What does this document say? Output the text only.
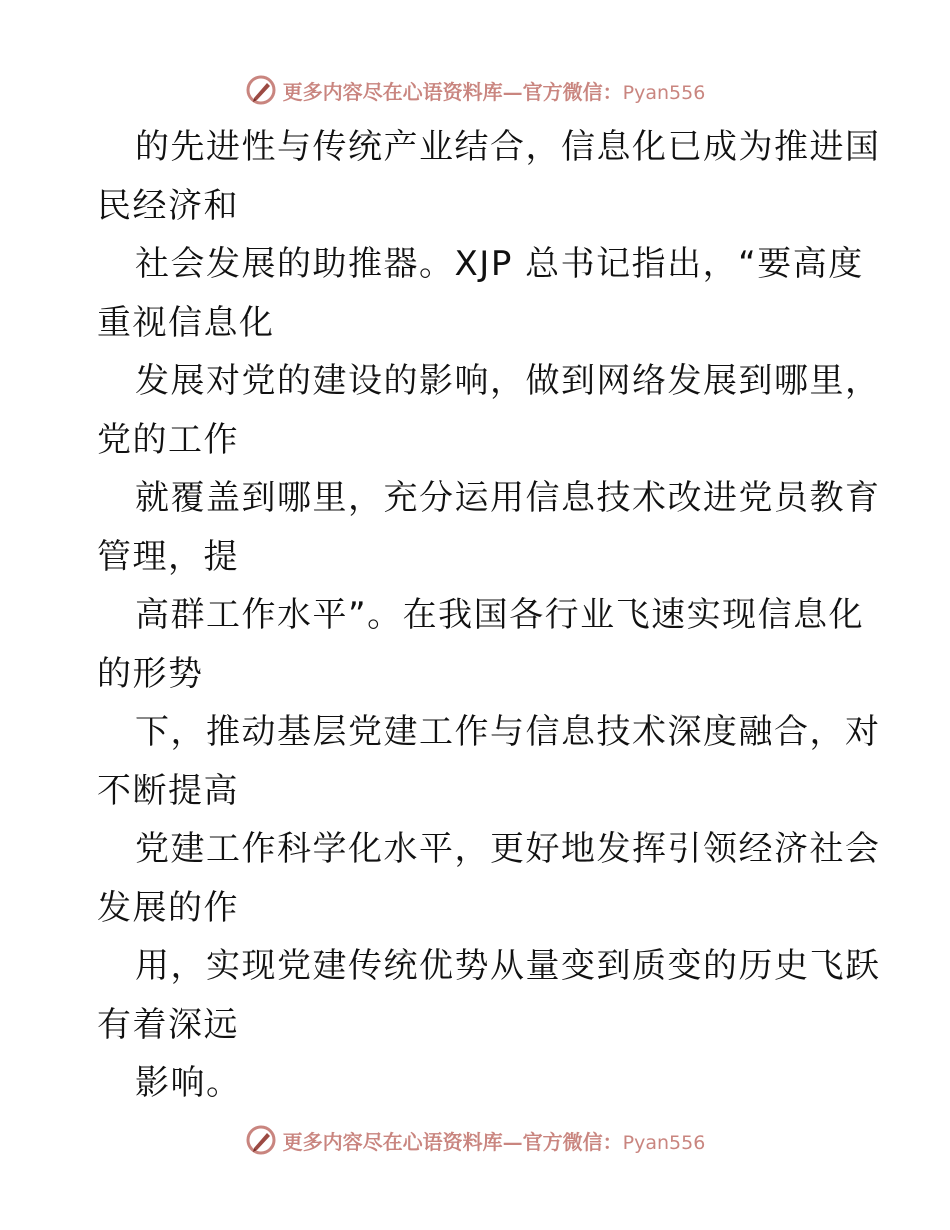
更多内容尽在心语资料库—官方微信：Pyan556
的先进性与传统产业结合，信息化已成为推进国
民经济和
社会发展的助推器。XJP 总书记指出，“要高度
重视信息化
发展对党的建设的影响，做到网络发展到哪里，
党的工作
就覆盖到哪里，充分运用信息技术改进党员教育
管理，提
高群工作水平”。在我国各行业飞速实现信息化
的形势
下，推动基层党建工作与信息技术深度融合，对
不断提高
党建工作科学化水平，更好地发挥引领经济社会
发展的作
用，实现党建传统优势从量变到质变的历史飞跃
有着深远
影响。
更多内容尽在心语资料库—官方微信：Pyan556
